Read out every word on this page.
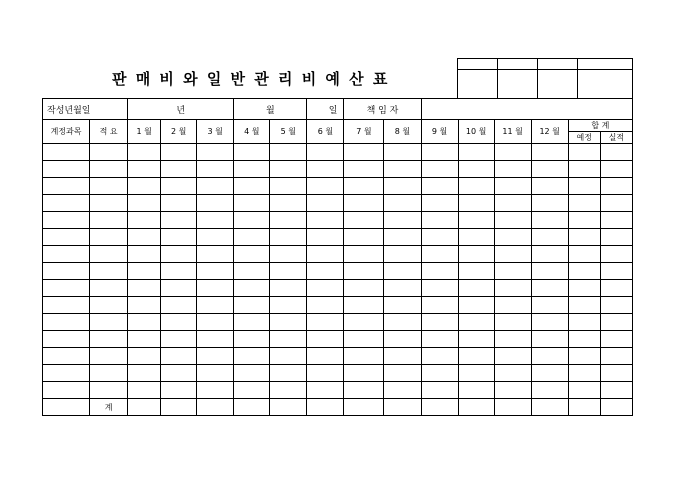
판 매 비 와 일 반 관 리 비 예 산 표

작성년월일		년			월		일	책 임 자							
계정과목	적 요	1 월	2 월	3 월	4 월	5 월	6 월	7 월	8 월	9 월	10 월	11 월	12 월	합 계	
														예정	실적

	계														
